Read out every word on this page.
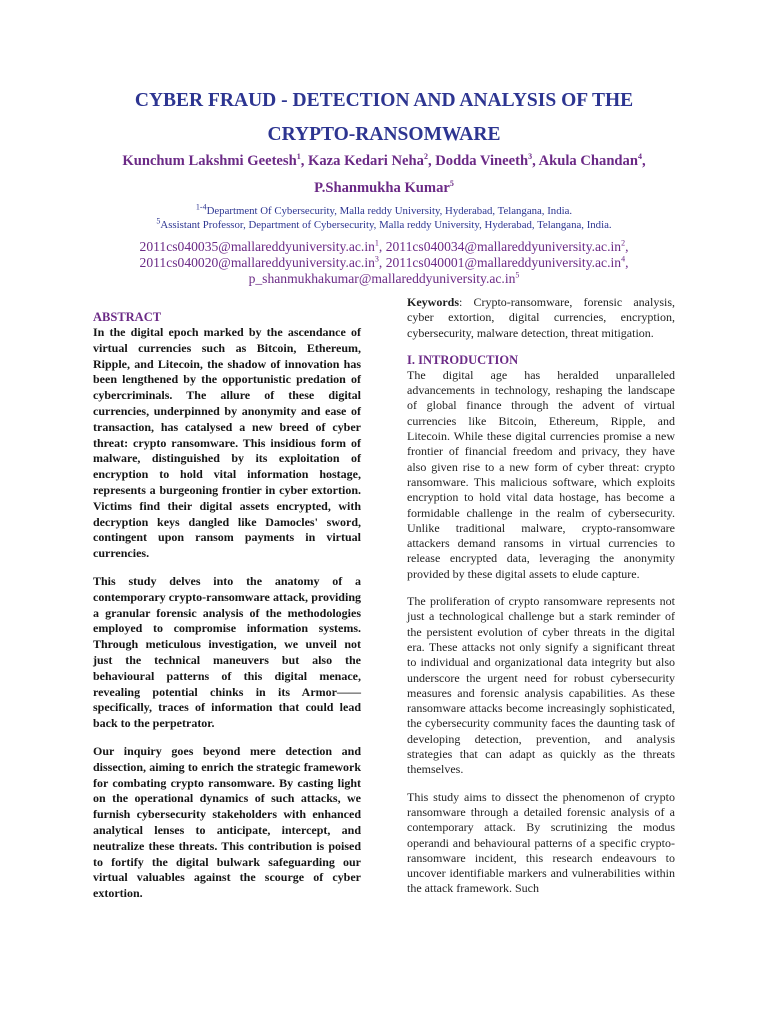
CYBER FRAUD - DETECTION AND ANALYSIS OF THE
CRYPTO-RANSOMWARE
Kunchum Lakshmi Geetesh$^1$, Kaza Kedari Neha$^2$, Dodda Vineeth$^3$, Akula Chandan$^4$,
P.Shanmukha Kumar$^5$
$^{1-4}$Department Of Cybersecurity, Malla reddy University, Hyderabad, Telangana, India.
$^5$Assistant Professor, Department of Cybersecurity, Malla reddy University, Hyderabad, Telangana, India.
$2011cs040035@mallareddyuniversity.ac.in^1$, $2011cs040034@mallareddyuniversity.ac.in^2$,
$2011cs040020@mallareddyuniversity.ac.in^3$, $2011cs040001@mallareddyuniversity.ac.in^4$,
$p\_shanmukhakumar@mallareddyuniversity.ac.in^5$
ABSTRACT

In the digital epoch marked by the ascendance of virtual currencies such as Bitcoin, Ethereum, Ripple, and Litecoin, the shadow of innovation has been lengthened by the opportunistic predation of cybercriminals. The allure of these digital currencies, underpinned by anonymity and ease of transaction, has catalysed a new breed of cyber threat: crypto ransomware. This insidious form of malware, distinguished by its exploitation of encryption to hold vital information hostage, represents a burgeoning frontier in cyber extortion. Victims find their digital assets encrypted, with decryption keys dangled like Damocles' sword, contingent upon ransom payments in virtual currencies.

This study delves into the anatomy of a contemporary crypto-ransomware attack, providing a granular forensic analysis of the methodologies employed to compromise information systems. Through meticulous investigation, we unveil not just the technical maneuvers but also the behavioural patterns of this digital menace, revealing potential chinks in its Armor——specifically, traces of information that could lead back to the perpetrator.

Our inquiry goes beyond mere detection and dissection, aiming to enrich the strategic framework for combating crypto ransomware. By casting light on the operational dynamics of such attacks, we furnish cybersecurity stakeholders with enhanced analytical lenses to anticipate, intercept, and neutralize these threats. This contribution is poised to fortify the digital bulwark safeguarding our virtual valuables against the scourge of cyber extortion.

Keywords: Crypto-ransomware, forensic analysis, cyber extortion, digital currencies, encryption, cybersecurity, malware detection, threat mitigation.

I. INTRODUCTION

The digital age has heralded unparalleled advancements in technology, reshaping the landscape of global finance through the advent of virtual currencies like Bitcoin, Ethereum, Ripple, and Litecoin. While these digital currencies promise a new frontier of financial freedom and privacy, they have also given rise to a new form of cyber threat: crypto ransomware. This malicious software, which exploits encryption to hold vital data hostage, has become a formidable challenge in the realm of cybersecurity. Unlike traditional malware, crypto-ransomware attackers demand ransoms in virtual currencies to release encrypted data, leveraging the anonymity provided by these digital assets to elude capture.

The proliferation of crypto ransomware represents not just a technological challenge but a stark reminder of the persistent evolution of cyber threats in the digital era. These attacks not only signify a significant threat to individual and organizational data integrity but also underscore the urgent need for robust cybersecurity measures and forensic analysis capabilities. As these ransomware attacks become increasingly sophisticated, the cybersecurity community faces the daunting task of developing detection, prevention, and analysis strategies that can adapt as quickly as the threats themselves.

This study aims to dissect the phenomenon of crypto ransomware through a detailed forensic analysis of a contemporary attack. By scrutinizing the modus operandi and behavioural patterns of a specific crypto-ransomware incident, this research endeavours to uncover identifiable markers and vulnerabilities within the attack framework. Such
